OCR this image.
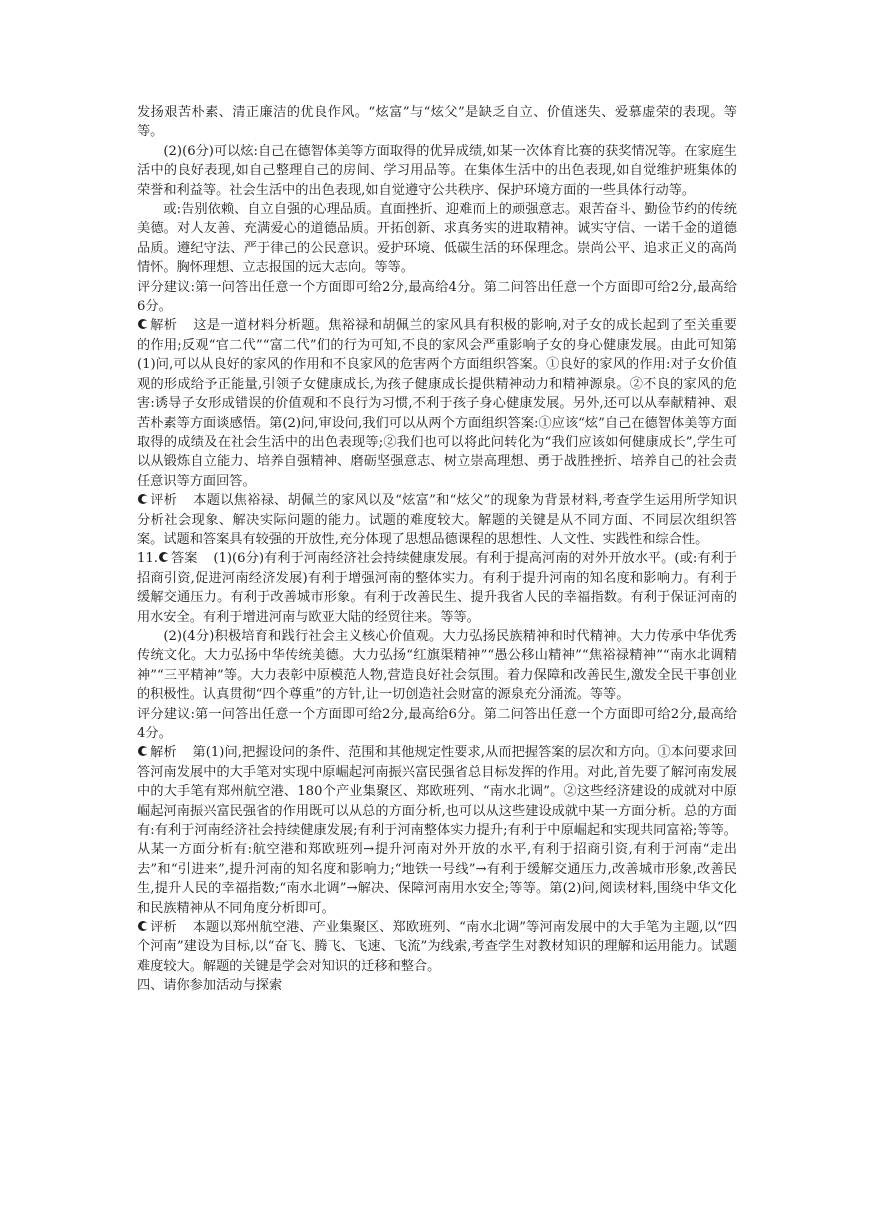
发扬艰苦朴素、清正廉洁的优良作风。“炫富”与“炫父”是缺乏自立、价值迷失、爱慕虚荣的表现。等等。

(2)(6分)可以炫:自己在德智体美等方面取得的优异成绩,如某一次体育比赛的获奖情况等。在家庭生活中的良好表现,如自己整理自己的房间、学习用品等。在集体生活中的出色表现,如自觉维护班集体的荣誉和利益等。社会生活中的出色表现,如自觉遵守公共秩序、保护环境方面的一些具体行动等。

或:告别依赖、自立自强的心理品质。直面挫折、迎难而上的顽强意志。艰苦奋斗、勤俭节约的传统美德。对人友善、充满爱心的道德品质。开拓创新、求真务实的进取精神。诚实守信、一诺千金的道德品质。遵纪守法、严于律己的公民意识。爱护环境、低碳生活的环保理念。崇尚公平、追求正义的高尚情怀。胸怀理想、立志报国的远大志向。等等。

评分建议:第一问答出任意一个方面即可给2分,最高给4分。第二问答出任意一个方面即可给2分,最高给6分。

解析 这是一道材料分析题。焦裕禄和胡佩兰的家风具有积极的影响,对子女的成长起到了至关重要的作用;反观“官二代”“富二代”们的行为可知,不良的家风会严重影响子女的身心健康发展。由此可知第(1)问,可以从良好的家风的作用和不良家风的危害两个方面组织答案。①良好的家风的作用:对子女价值观的形成给予正能量,引领子女健康成长,为孩子健康成长提供精神动力和精神源泉。②不良的家风的危害:诱导子女形成错误的价值观和不良行为习惯,不利于孩子身心健康发展。另外,还可以从奉献精神、艰苦朴素等方面谈感悟。第(2)问,审设问,我们可以从两个方面组织答案:①应该“炫”自己在德智体美等方面取得的成绩及在社会生活中的出色表现等;②我们也可以将此问转化为“我们应该如何健康成长”,学生可以从锻炼自立能力、培养自强精神、磨砺坚强意志、树立崇高理想、勇于战胜挫折、培养自己的社会责任意识等方面回答。

评析 本题以焦裕禄、胡佩兰的家风以及“炫富”和“炫父”的现象为背景材料,考查学生运用所学知识分析社会现象、解决实际问题的能力。试题的难度较大。解题的关键是从不同方面、不同层次组织答案。试题和答案具有较强的开放性,充分体现了思想品德课程的思想性、人文性、实践性和综合性。

11. 答案 (1)(6分)有利于河南经济社会持续健康发展。有利于提高河南的对外开放水平。(或:有利于招商引资,促进河南经济发展)有利于增强河南的整体实力。有利于提升河南的知名度和影响力。有利于缓解交通压力。有利于改善城市形象。有利于改善民生、提升我省人民的幸福指数。有利于保证河南的用水安全。有利于增进河南与欧亚大陆的经贸往来。等等。

(2)(4分)积极培育和践行社会主义核心价值观。大力弘扬民族精神和时代精神。大力传承中华优秀传统文化。大力弘扬中华传统美德。大力弘扬“红旗渠精神”“愚公移山精神”“焦裕禄精神”“南水北调精神”“三平精神”等。大力表彰中原模范人物,营造良好社会氛围。着力保障和改善民生,激发全民干事创业的积极性。认真贯彻“四个尊重”的方针,让一切创造社会财富的源泉充分涌流。等等。

评分建议:第一问答出任意一个方面即可给2分,最高给6分。第二问答出任意一个方面即可给2分,最高给4分。

解析 第(1)问,把握设问的条件、范围和其他规定性要求,从而把握答案的层次和方向。①本问要求回答河南发展中的大手笔对实现中原崛起河南振兴富民强省总目标发挥的作用。对此,首先要了解河南发展中的大手笔有郑州航空港、180个产业集聚区、郑欧班列、“南水北调”。②这些经济建设的成就对中原崛起河南振兴富民强省的作用既可以从总的方面分析,也可以从这些建设成就中某一方面分析。总的方面有:有利于河南经济社会持续健康发展;有利于河南整体实力提升;有利于中原崛起和实现共同富裕;等等。从某一方面分析有:航空港和郑欧班列→提升河南对外开放的水平,有利于招商引资,有利于河南“走出去”和“引进来”,提升河南的知名度和影响力;“地铁一号线”→有利于缓解交通压力,改善城市形象,改善民生,提升人民的幸福指数;“南水北调”→解决、保障河南用水安全;等等。第(2)问,阅读材料,围绕中华文化和民族精神从不同角度分析即可。

评析 本题以郑州航空港、产业集聚区、郑欧班列、“南水北调”等河南发展中的大手笔为主题,以“四个河南”建设为目标,以“奋飞、腾飞、飞速、飞流”为线索,考查学生对教材知识的理解和运用能力。试题难度较大。解题的关键是学会对知识的迁移和整合。

四、请你参加活动与探索
